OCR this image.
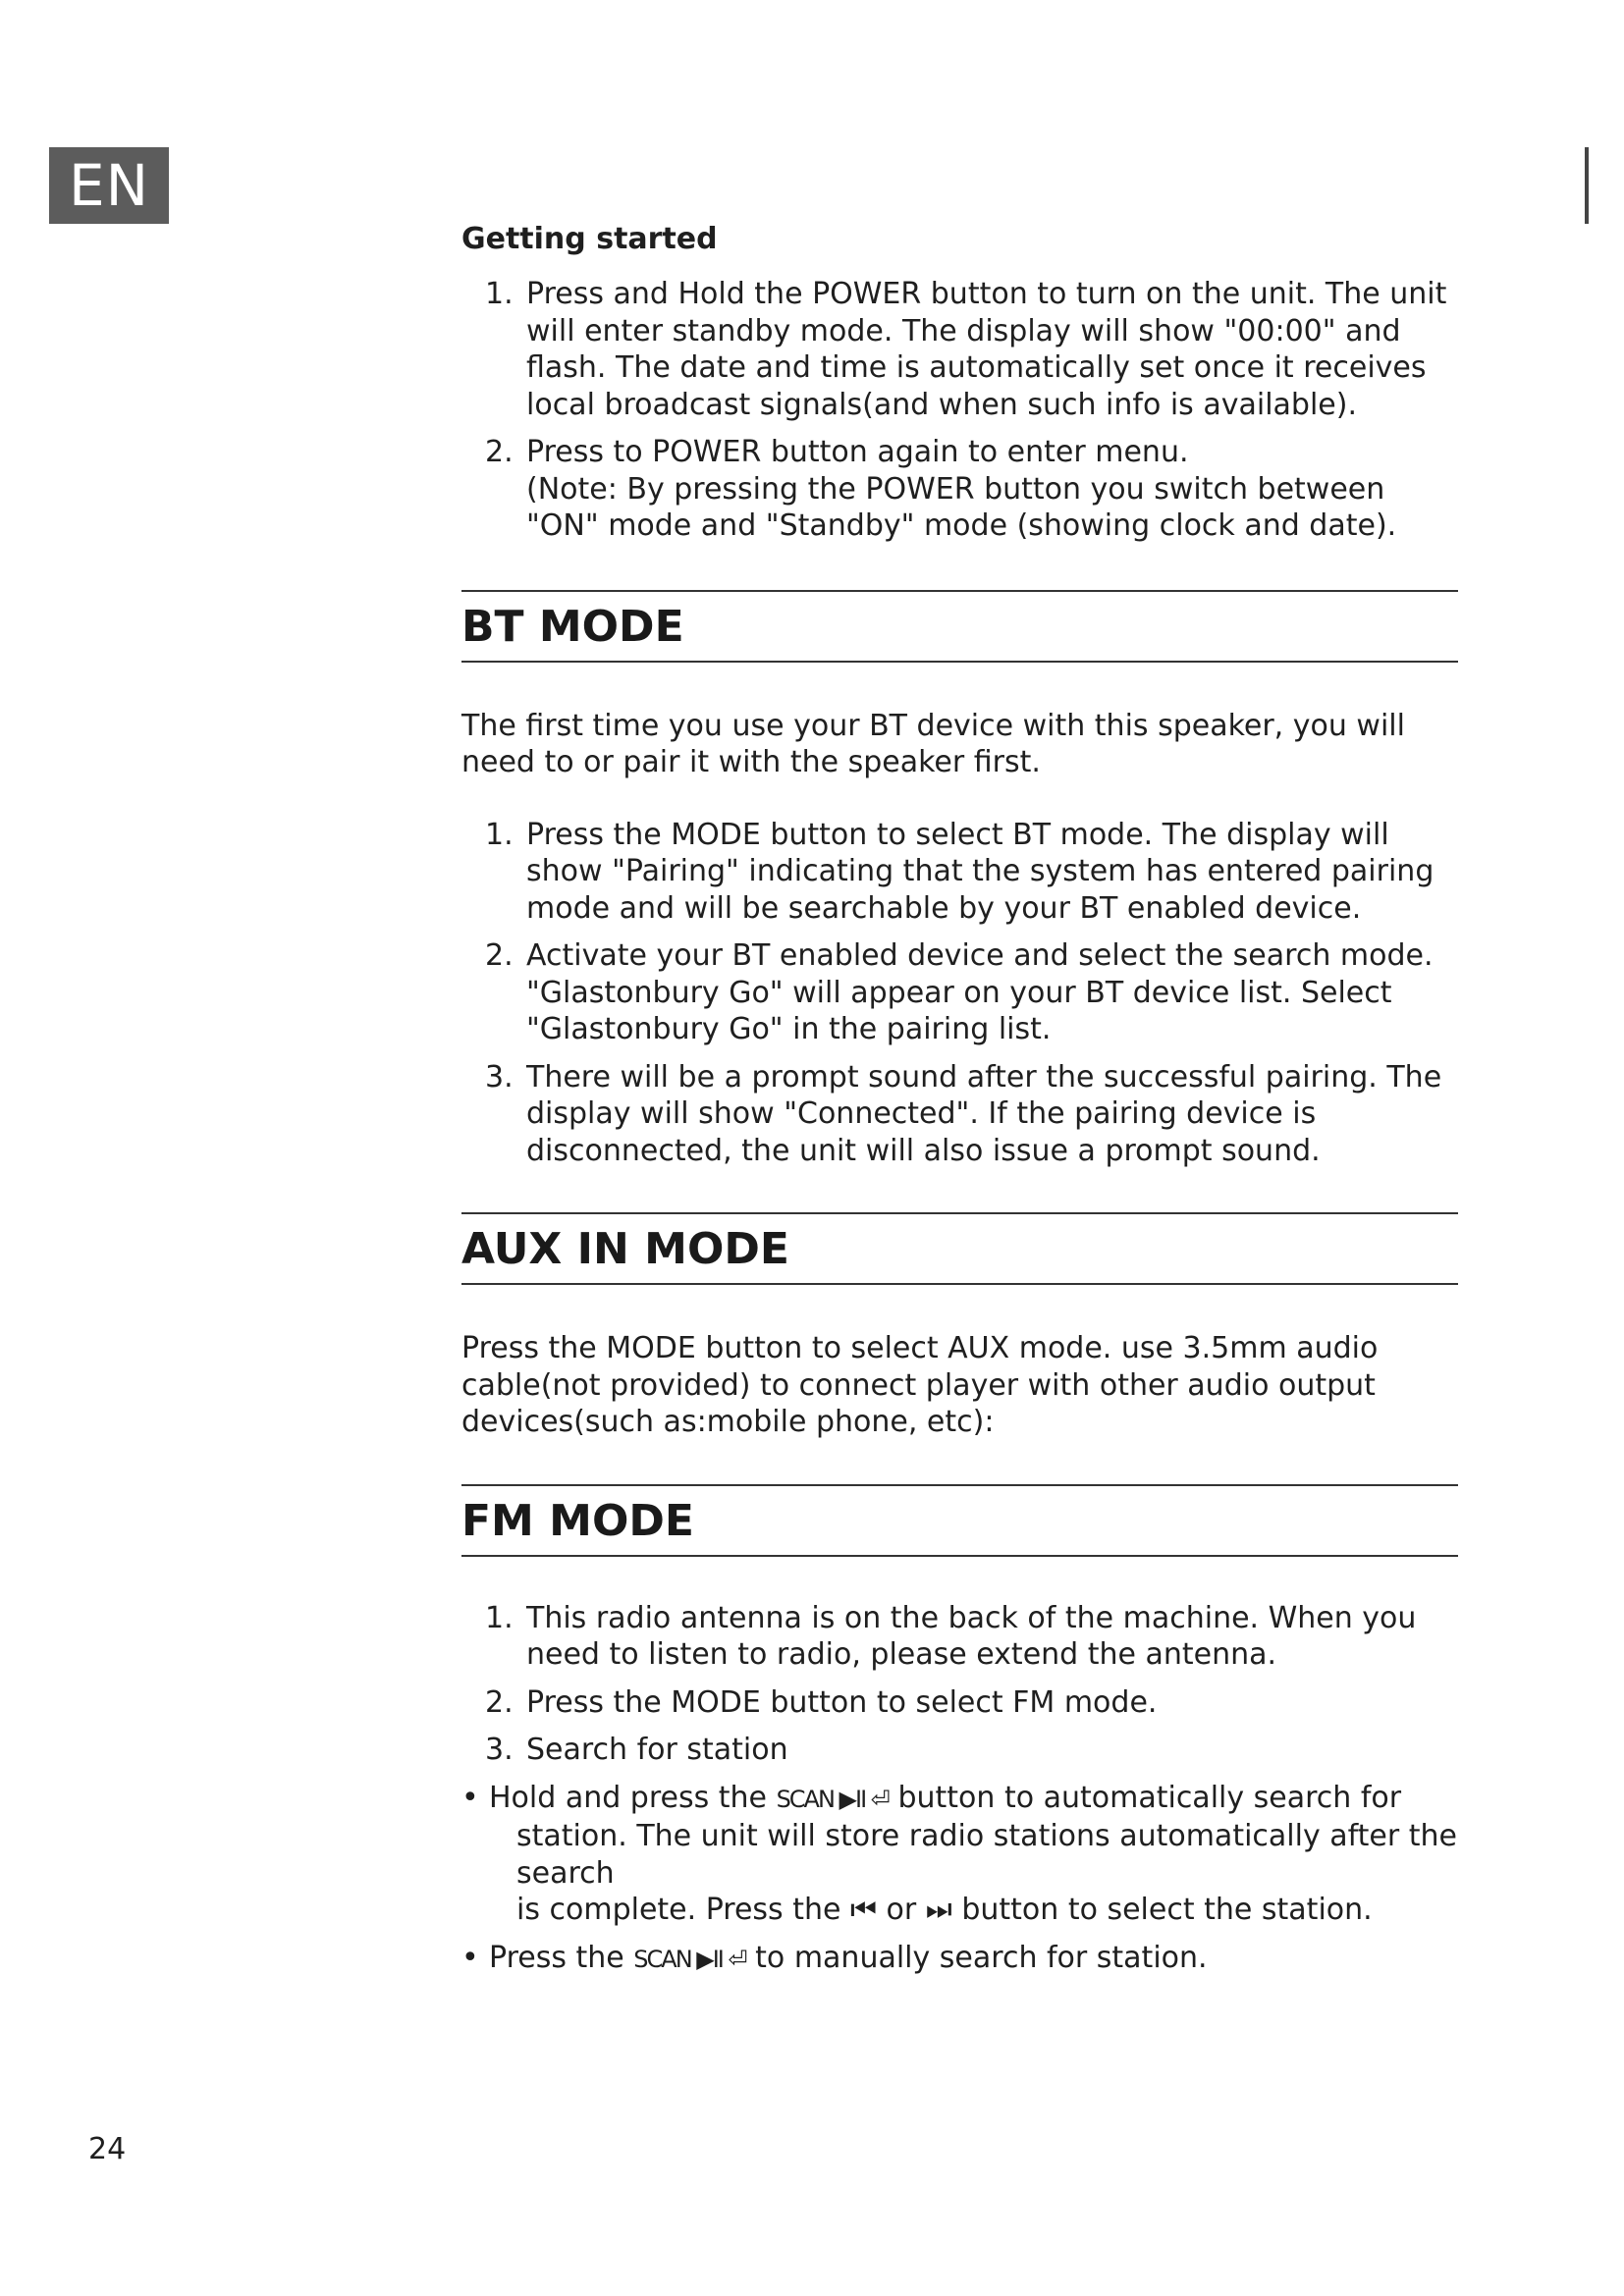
EN
Getting started
1. Press and Hold the POWER button to turn on the unit. The unit will enter standby mode. The display will show "00:00" and flash. The date and time is automatically set once it receives local broadcast signals(and when such info is available).
2. Press to POWER button again to enter menu.
(Note: By pressing the POWER button you switch between "ON" mode and "Standby" mode (showing clock and date).
BT MODE

The first time you use your BT device with this speaker, you will need to or pair it with the speaker first.

1. Press the MODE button to select BT mode. The display will show "Pairing" indicating that the system has entered pairing mode and will be searchable by your BT enabled device.
2. Activate your BT enabled device and select the search mode. "Glastonbury Go" will appear on your BT device list. Select "Glastonbury Go" in the pairing list.
3. There will be a prompt sound after the successful pairing. The display will show "Connected". If the pairing device is disconnected, the unit will also issue a prompt sound.
AUX IN MODE

Press the MODE button to select AUX mode. use 3.5mm audio cable(not provided) to connect player with other audio output devices(such as:mobile phone, etc):

FM MODE
1. This radio antenna is on the back of the machine. When you need to listen to radio, please extend the antenna.
2. Press the MODE button to select FM mode.
3. Search for station
• Hold and press the SCAN ▶II ⏎ button to automatically search for
station. The unit will store radio stations automatically after the search
is complete. Press the ⏮ or ⏭ button to select the station.
• Press the SCAN ▶II ⏎ to manually search for station.
24
